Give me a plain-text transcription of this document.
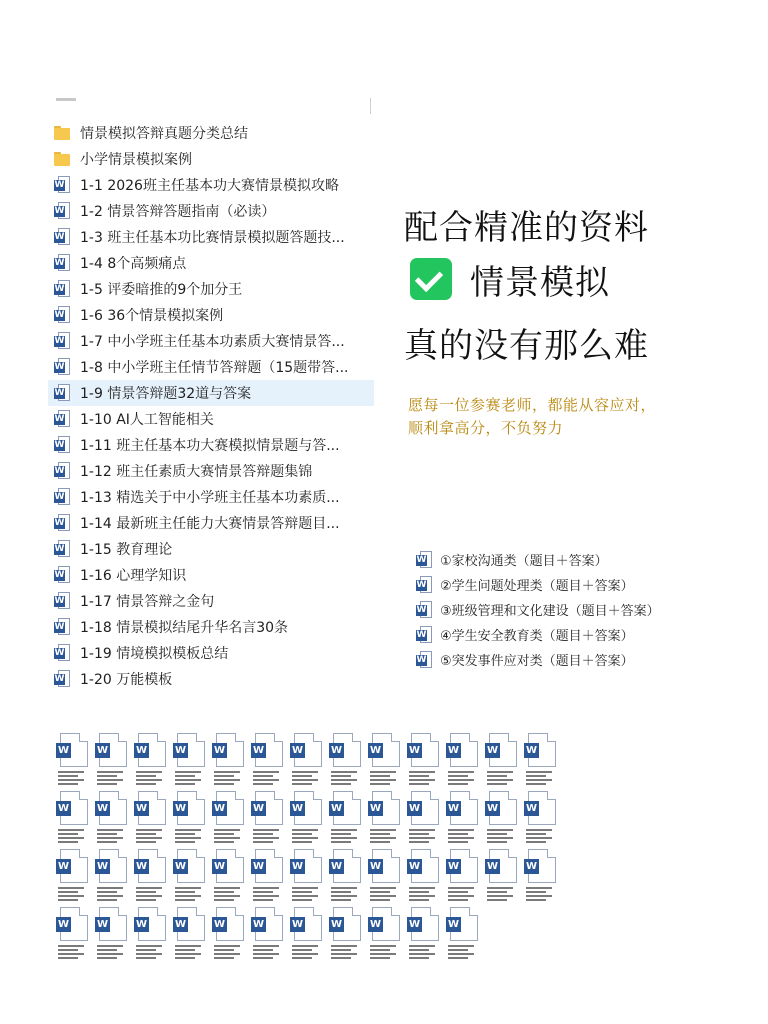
情景模拟答辩真题分类总结
小学情景模拟案例
W 1-1 2026班主任基本功大赛情景模拟攻略
W 1-2 情景答辩答题指南（必读）
W 1-3 班主任基本功比赛情景模拟题答题技...
W 1-4 8个高频痛点
W 1-5 评委暗推的9个加分王
W 1-6 36个情景模拟案例
W 1-7 中小学班主任基本功素质大赛情景答...
W 1-8 中小学班主任情节答辩题（15题带答...
W 1-9 情景答辩题32道与答案
W 1-10 AI人工智能相关
W 1-11 班主任基本功大赛模拟情景题与答...
W 1-12 班主任素质大赛情景答辩题集锦
W 1-13 精选关于中小学班主任基本功素质...
W 1-14 最新班主任能力大赛情景答辩题目...
W 1-15 教育理论
W 1-16 心理学知识
W 1-17 情景答辩之金句
W 1-18 情景模拟结尾升华名言30条
W 1-19 情境模拟模板总结
W 1-20 万能模板
配合精准的资料
情景模拟
真的没有那么难
愿每一位参赛老师，都能从容应对，
顺利拿高分，不负努力
W ①家校沟通类（题目＋答案）
W ②学生问题处理类（题目＋答案）
W ③班级管理和文化建设（题目＋答案）
W ④学生安全教育类（题目＋答案）
W ⑤突发事件应对类（题目＋答案）
W	W	W	W	W	W	W	W	W	W	W	W	W
W	W	W	W	W	W	W	W	W	W	W	W	W
W	W	W	W	W	W	W	W	W	W	W	W	W
W	W	W	W	W	W	W	W	W	W	W
